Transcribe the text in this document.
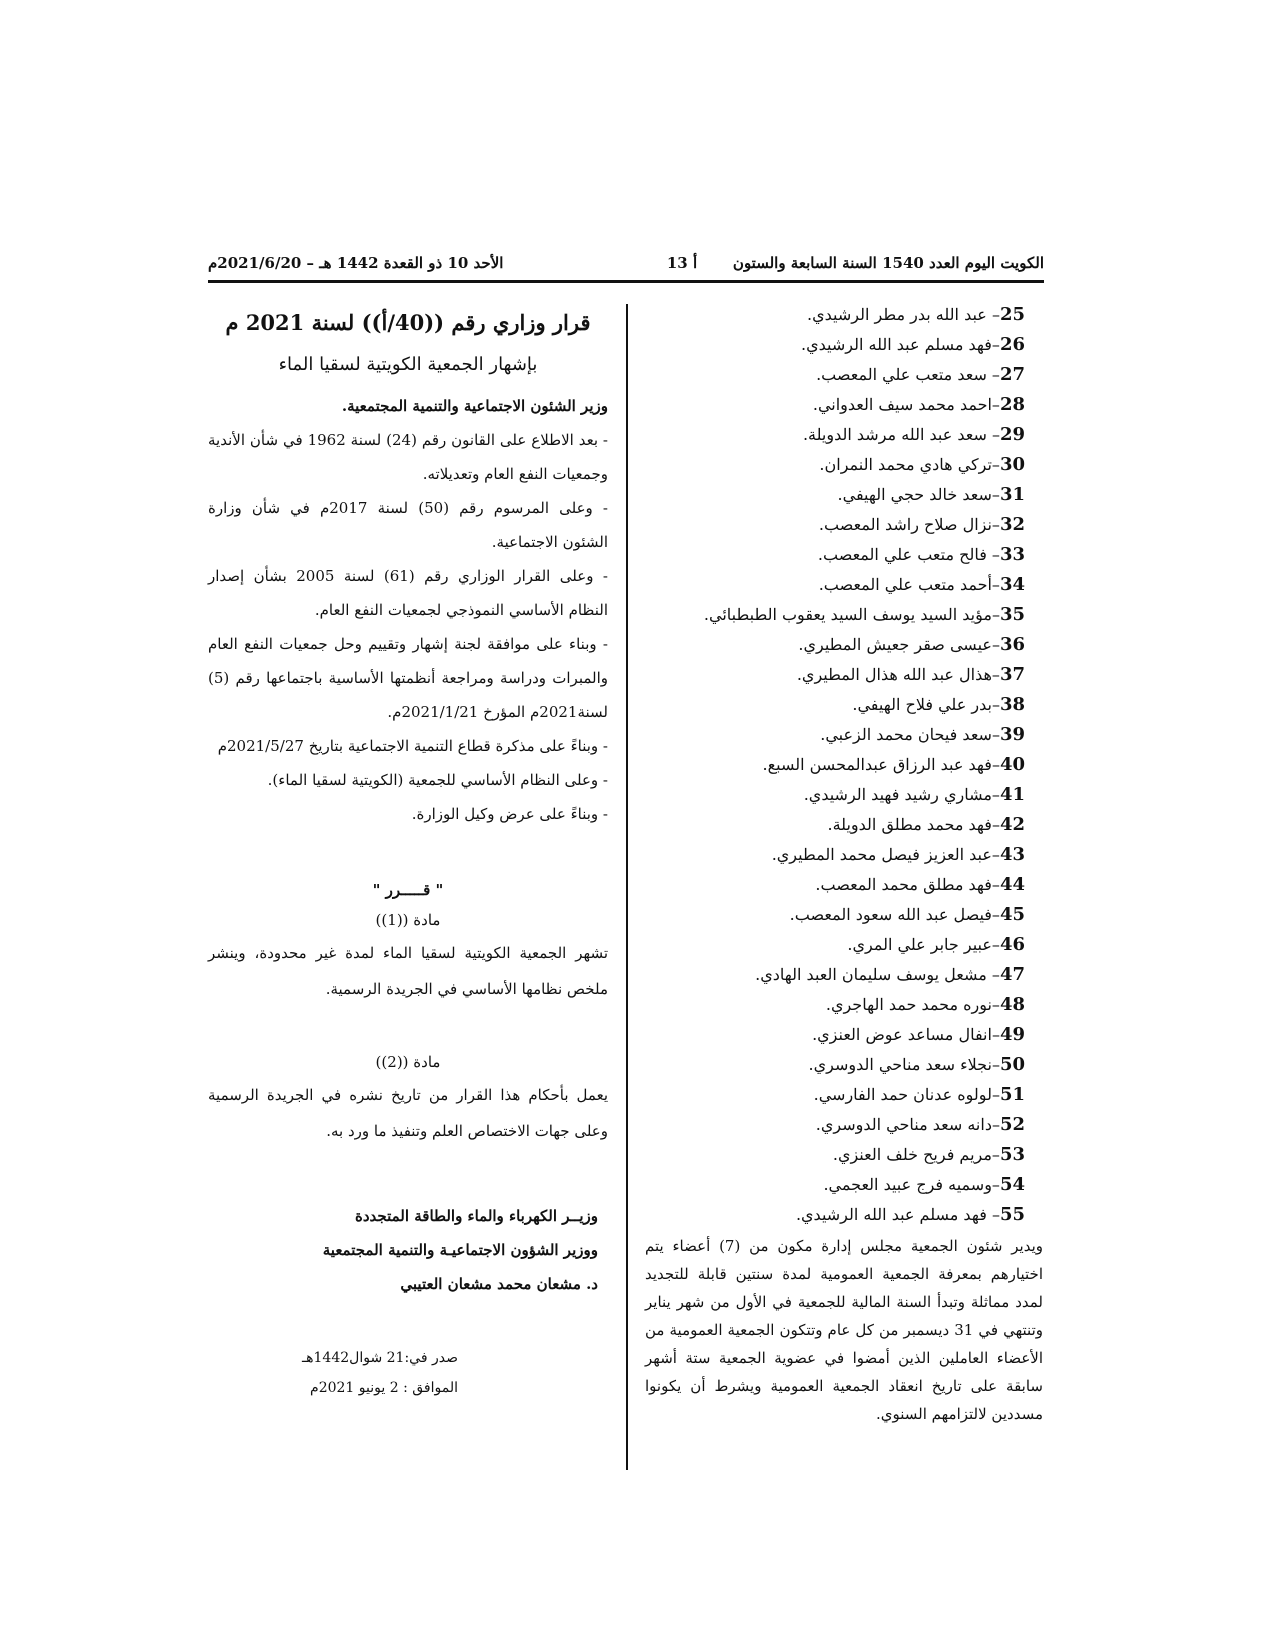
الكويت اليوم العدد 1540 السنة السابعة والستون
أ 13
الأحد 10 ذو القعدة 1442 هـ – 2021/6/20م
25– عبد الله بدر مطر الرشيدي.
26–فهد مسلم عبد الله الرشيدي.
27– سعد متعب علي المعصب.
28–احمد محمد سيف العدواني.
29– سعد عبد الله مرشد الدويلة.
30–تركي هادي محمد النمران.
31–سعد خالد حجي الهيفي.
32–نزال صلاح راشد المعصب.
33– فالح متعب علي المعصب.
34–أحمد متعب علي المعصب.
35–مؤيد السيد يوسف السيد يعقوب الطبطبائي.
36–عيسى صقر جعيش المطيري.
37–هذال عبد الله هذال المطيري.
38–بدر علي فلاح الهيفي.
39–سعد فيحان محمد الزعبي.
40–فهد عبد الرزاق عبدالمحسن السبع.
41–مشاري رشيد فهيد الرشيدي.
42–فهد محمد مطلق الدويلة.
43–عبد العزيز فيصل محمد المطيري.
44–فهد مطلق محمد المعصب.
45–فيصل عبد الله سعود المعصب.
46–عبير جابر علي المري.
47– مشعل يوسف سليمان العبد الهادي.
48–نوره محمد حمد الهاجري.
49–انفال مساعد عوض العنزي.
50–نجلاء سعد مناحي الدوسري.
51–لولوه عدنان حمد الفارسي.
52–دانه سعد مناحي الدوسري.
53–مريم فريح خلف العنزي.
54–وسميه فرج عبيد العجمي.
55– فهد مسلم عبد الله الرشيدي.
ويدير شئون الجمعية مجلس إدارة مكون من (7) أعضاء يتم اختيارهم بمعرفة الجمعية العمومية لمدة سنتين قابلة للتجديد لمدد مماثلة وتبدأ السنة المالية للجمعية في الأول من شهر يناير وتنتهي في 31 ديسمبر من كل عام وتتكون الجمعية العمومية من الأعضاء العاملين الذين أمضوا في عضوية الجمعية ستة أشهر سابقة على تاريخ انعقاد الجمعية العمومية ويشرط أن يكونوا مسددين لالتزامهم السنوي.
قرار وزاري رقم ((40/أ)) لسنة 2021 م
بإشهار الجمعية الكويتية لسقيا الماء
وزير الشئون الاجتماعية والتنمية المجتمعية.
- بعد الاطلاع على القانون رقم (24) لسنة 1962 في شأن الأندية وجمعيات النفع العام وتعديلاته.
- وعلى المرسوم رقم (50) لسنة 2017م في شأن وزارة الشئون الاجتماعية.
- وعلى القرار الوزاري رقم (61) لسنة 2005 بشأن إصدار النظام الأساسي النموذجي لجمعيات النفع العام.
- وبناء على موافقة لجنة إشهار وتقييم وحل جمعيات النفع العام والمبرات ودراسة ومراجعة أنظمتها الأساسية باجتماعها رقم (5) لسنة2021م المؤرخ 2021/1/21م.
- وبناءً على مذكرة قطاع التنمية الاجتماعية بتاريخ 2021/5/27م
- وعلى النظام الأساسي للجمعية (الكويتية لسقيا الماء).
- وبناءً على عرض وكيل الوزارة.
" قـــــرر "
مادة ((1))
تشهر الجمعية الكويتية لسقيا الماء لمدة غير محدودة، وينشر ملخص نظامها الأساسي في الجريدة الرسمية.
مادة ((2))
يعمل بأحكام هذا القرار من تاريخ نشره في الجريدة الرسمية وعلى جهات الاختصاص العلم وتنفيذ ما ورد به.
وزيــر الكهرباء والماء والطاقة المتجددة
ووزير الشؤون الاجتماعيـة والتنمية المجتمعية
د. مشعان محمد مشعان العتيبي
صدر في:21 شوال1442هـ
الموافق : 2 يونيو 2021م
